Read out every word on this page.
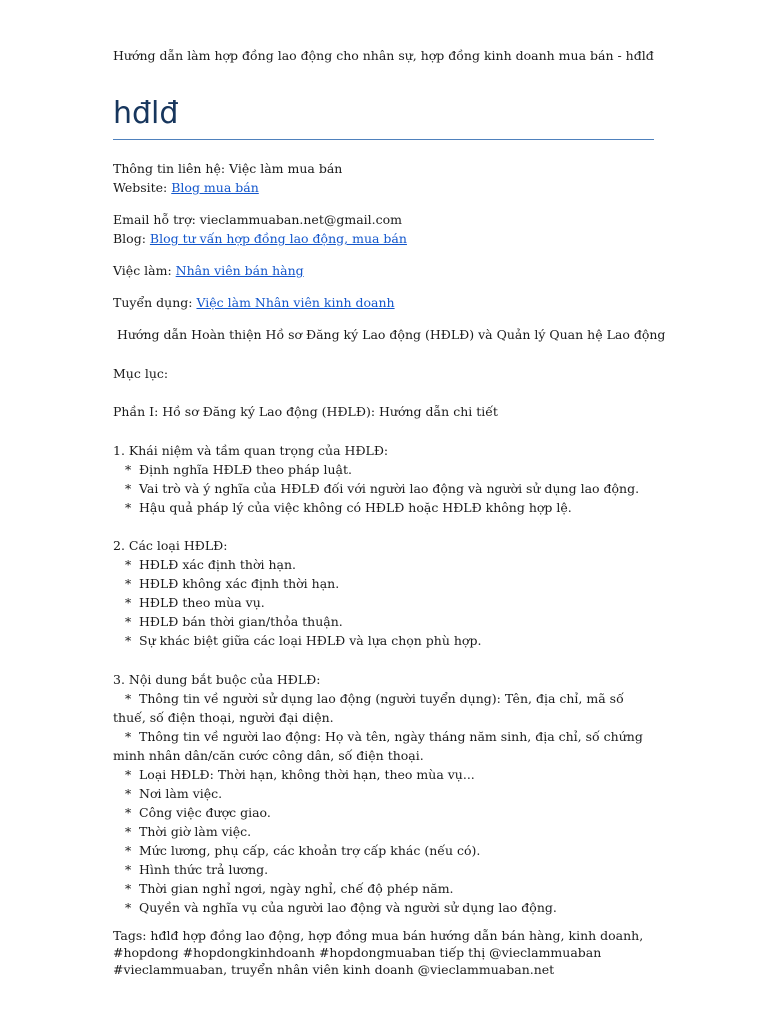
Hướng dẫn làm hợp đồng lao động cho nhân sự, hợp đồng kinh doanh mua bán - hđlđ

hđlđ

Thông tin liên hệ: Việc làm mua bán

Website: Blog mua bán

Email hỗ trợ: vieclammuaban.net@gmail.com

Blog: Blog tư vấn hợp đồng lao động, mua bán

Việc làm: Nhân viên bán hàng

Tuyển dụng: Việc làm Nhân viên kinh doanh

Hướng dẫn Hoàn thiện Hồ sơ Đăng ký Lao động (HĐLĐ) và Quản lý Quan hệ Lao động

Mục lục:

Phần I: Hồ sơ Đăng ký Lao động (HĐLĐ): Hướng dẫn chi tiết

1. Khái niệm và tầm quan trọng của HĐLĐ:

* Định nghĩa HĐLĐ theo pháp luật.

* Vai trò và ý nghĩa của HĐLĐ đối với người lao động và người sử dụng lao động.

* Hậu quả pháp lý của việc không có HĐLĐ hoặc HĐLĐ không hợp lệ.

2. Các loại HĐLĐ:

* HĐLĐ xác định thời hạn.

* HĐLĐ không xác định thời hạn.

* HĐLĐ theo mùa vụ.

* HĐLĐ bán thời gian/thỏa thuận.

* Sự khác biệt giữa các loại HĐLĐ và lựa chọn phù hợp.

3. Nội dung bắt buộc của HĐLĐ:

* Thông tin về người sử dụng lao động (người tuyển dụng): Tên, địa chỉ, mã số thuế, số điện thoại, người đại diện.

* Thông tin về người lao động: Họ và tên, ngày tháng năm sinh, địa chỉ, số chứng minh nhân dân/căn cước công dân, số điện thoại.

* Loại HĐLĐ: Thời hạn, không thời hạn, theo mùa vụ...

* Nơi làm việc.

* Công việc được giao.

* Thời giờ làm việc.

* Mức lương, phụ cấp, các khoản trợ cấp khác (nếu có).

* Hình thức trả lương.

* Thời gian nghỉ ngơi, ngày nghỉ, chế độ phép năm.

* Quyền và nghĩa vụ của người lao động và người sử dụng lao động.

Tags: hđlđ hợp đồng lao động, hợp đồng mua bán hướng dẫn bán hàng, kinh doanh,

#hopdong #hopdongkinhdoanh #hopdongmuaban tiếp thị @vieclammuaban

#vieclammuaban, truyển nhân viên kinh doanh @vieclammuaban.net
